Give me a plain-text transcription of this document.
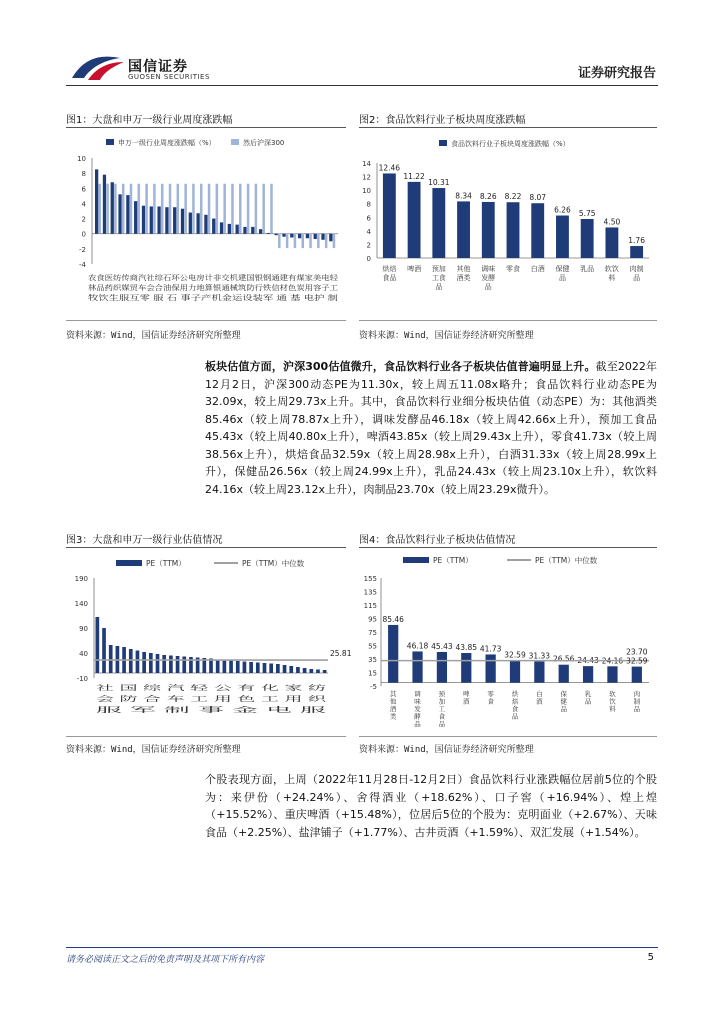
国信证券
GUOSEN SECURITIES	证券研究报告
图1：大盘和申万一级行业周度涨跌幅
申万一级行业周度涨跌幅（%）	然后沪深300
10
8
6
4
2
0
-2
-4
农食医纺传商汽社综石环公电房计非交机建国银钢通建有煤家美电轻
林品药织媒贸车会合油保用力地算银通械筑防行铁信材色炭用容子工
牧饮生服互零 服 石 事子产机金运设装军 通 基 电护 制
资料来源：Wind，国信证券经济研究所整理
图2：食品饮料行业子板块周度涨跌幅
食品饮料行业子板块周度涨跌幅（%）
14
12
10
8
6
4
2
0
12.46
烘焙
食品
11.22
啤酒
10.31
预加
工食
品
8.34
其他
酒类
8.26
调味
发酵
品
8.22
零食
8.07
白酒
6.26
保健
品
5.75
乳品
4.50
软饮
料
1.76
肉制
品
资料来源：Wind，国信证券经济研究所整理
板块估值方面，沪深300估值微升，食品饮料行业各子板块估值普遍明显上升。截至2022年12月2日，沪深300动态PE为11.30x，较上周五11.08x略升；食品饮料行业动态PE为32.09x，较上周29.73x上升。其中，食品饮料行业细分板块估值（动态PE）为：其他酒类85.46x（较上周78.87x上升），调味发酵品46.18x（较上周42.66x上升），预加工食品45.43x（较上周40.80x上升），啤酒43.85x（较上周29.43x上升），零食41.73x（较上周38.56x上升），烘焙食品32.59x（较上周28.98x上升），白酒31.33x（较上周28.99x上升），保健品26.56x（较上周24.99x上升），乳品24.43x（较上周23.10x上升），软饮料24.16x（较上周23.12x上升），肉制品23.70x（较上周23.29x微升）。
图3：大盘和申万一级行业估值情况
PE（TTM）	PE（TTM）中位数
190
140
90
40
-10
25.81
社 国 综 汽 轻 公 有 化 家 纺
会 防 合 车 工 用 色 工 用 织
服 军 制 事 金 电 服
资料来源：Wind，国信证券经济研究所整理
图4：食品饮料行业子板块估值情况
PE（TTM）	PE（TTM）中位数
155
135
115
95
75
55
35
15
-5
85.46
其
他
酒
类
46.18
调
味
发
酵
品
45.43
预
加
工
食
品
43.85
啤
酒
41.73
零
食
32.59
烘
焙
食
品
31.33
白
酒
26.56
保
健
品
24.43
乳
品
24.16
软
饮
料
23.70
肉
制
品
32.59
资料来源：Wind，国信证券经济研究所整理
个股表现方面，上周（2022年11月28日-12月2日）食品饮料行业涨跌幅位居前5位的个股为：来伊份（+24.24%）、舍得酒业（+18.62%）、口子窖（+16.94%）、煌上煌（+15.52%）、重庆啤酒（+15.48%），位居后5位的个股为：克明面业（+2.67%）、天味食品（+2.25%）、盐津铺子（+1.77%）、古井贡酒（+1.59%）、双汇发展（+1.54%）。
请务必阅读正文之后的免责声明及其项下所有内容	5
